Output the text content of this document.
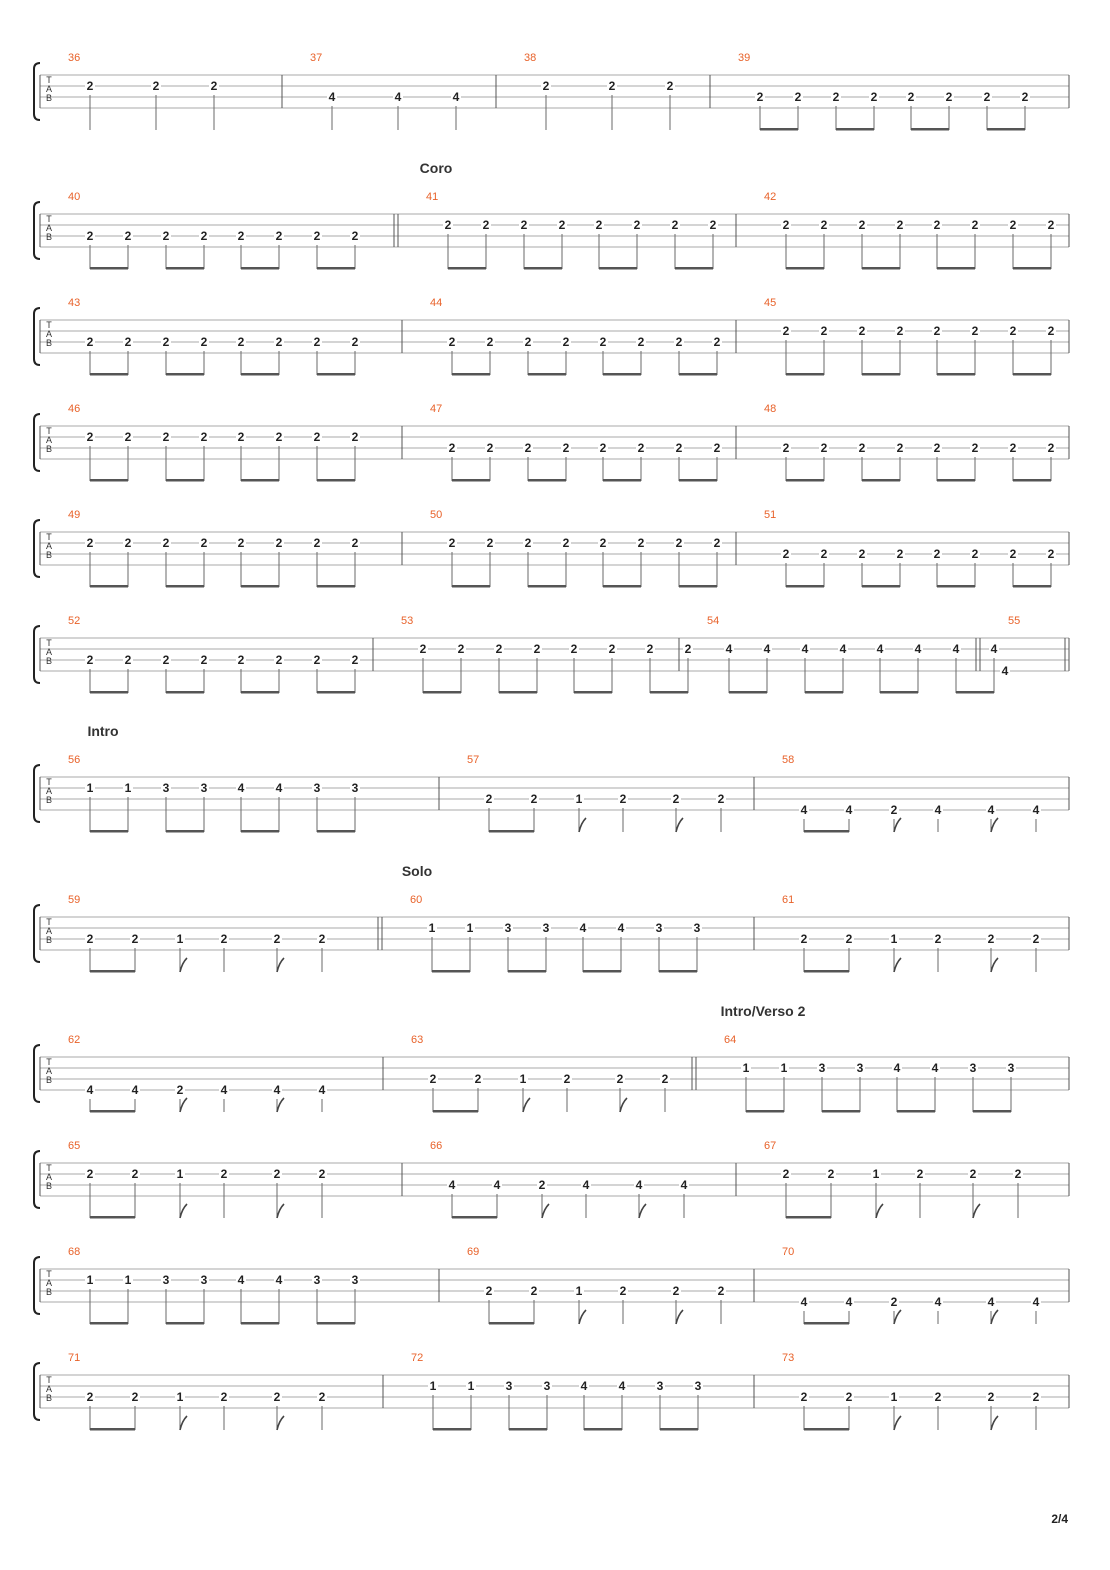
T
A
B
36
2	2	2
37
4	4	4
38
2	2	2
39
2	2	2	2	2	2	2	2
T
A
B
Coro
40
2	2	2	2	2	2	2	2
41
2	2	2	2	2	2	2	2
42
2	2	2	2	2	2	2	2
T
A
B
43
2	2	2	2	2	2	2	2
44
2	2	2	2	2	2	2	2
45
2	2	2	2	2	2	2	2
T
A
B
46
2	2	2	2	2	2	2	2
47
2	2	2	2	2	2	2	2
48
2	2	2	2	2	2	2	2
T
A
B
49
2	2	2	2	2	2	2	2
50
2	2	2	2	2	2	2	2
51
2	2	2	2	2	2	2	2
T
A
B
52
2	2	2	2	2	2	2	2
53
2	2	2	2	2	2	2	2
54
4	4	4	4	4	4	4	4
55
4
T
A
B
Intro
56
1	1	3	3	4	4	3	3
57
2	2	1	2	2	2
58
4	4	2	4	4	4
T
A
B
Solo
59
2	2	1	2	2	2
60
1	1	3	3	4	4	3	3
61
2	2	1	2	2	2
T
A
B
Intro/Verso 2
62
4	4	2	4	4	4
63
2	2	1	2	2	2
64
1	1	3	3	4	4	3	3
T
A
B
65
2	2	1	2	2	2
66
4	4	2	4	4	4
67
2	2	1	2	2	2
T
A
B
68
1	1	3	3	4	4	3	3
69
2	2	1	2	2	2
70
4	4	2	4	4	4
T
A
B
71
2	2	1	2	2	2
72
1	1	3	3	4	4	3	3
73
2	2	1	2	2	2
2/4
